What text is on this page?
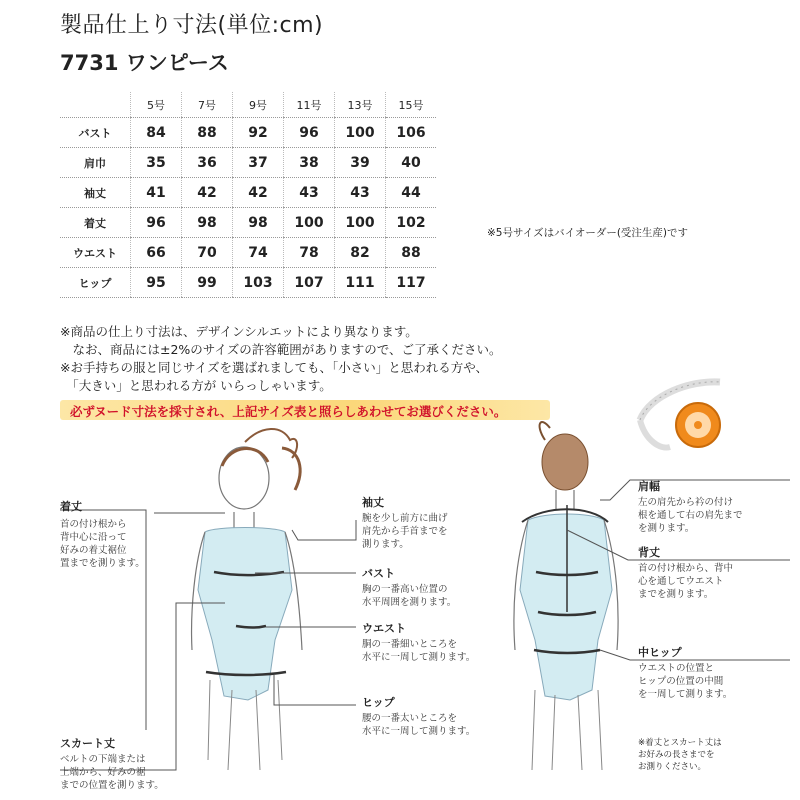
製品仕上り寸法(単位:cm)
7731 ワンピース
	5号	7号	9号	11号	13号	15号
バスト	84	88	92	96	100	106
肩巾	35	36	37	38	39	40
袖丈	41	42	42	43	43	44
着丈	96	98	98	100	100	102
ウエスト	66	70	74	78	82	88
ヒップ	95	99	103	107	111	117
※5号サイズはバイオーダー(受注生産)です
※商品の仕上り寸法は、デザインシルエットにより異なります。
　なお、商品には±2%のサイズの許容範囲がありますので、ご了承ください。
※お手持ちの服と同じサイズを選ばれましても、「小さい」と思われる方や、
　「大きい」と思われる方が いらっしゃいます。
必ずヌード寸法を採寸され、上記サイズ表と照らしあわせてお選びください。
着丈
首の付け根から
背中心に沿って
好みの着丈裾位
置までを測ります。
スカート丈
ベルトの下端または
上端から、好みの裾
までの位置を測ります。
袖丈
腕を少し前方に曲げ
肩先から手首までを
測ります。
バスト
胸の一番高い位置の
水平周囲を測ります。
ウエスト
胴の一番細いところを
水平に一周して測ります。
ヒップ
腰の一番太いところを
水平に一周して測ります。
肩幅
左の肩先から衿の付け
根を通して右の肩先まで
を測ります。
背丈
首の付け根から、背中
心を通してウエスト
までを測ります。
中ヒップ
ウエストの位置と
ヒップの位置の中間
を一周して測ります。
※着丈とスカート丈は
お好みの長さまでを
お測りください。
